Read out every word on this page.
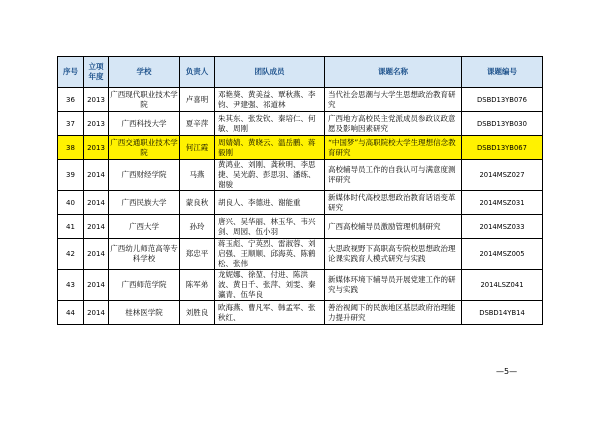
序号	立项年度	学校	负责人	团队成员	课题名称	课题编号
36	2013	广西现代职业技术学院	卢喜明	邓艳葵、黄美益、覃秋燕、李钧、尹建强、祁道林	当代社会思潮与大学生思想政治教育研究	DSBD13YB076
37	2013	广西科技大学	夏辛萍	朱其东、张发钦、秦培仁、何敏、周刚	广西地方高校民主党派成员参政议政意愿及影响因素研究	DSBD13YB030
38	2013	广西交通职业技术学院	何江霞	周婧婧、黄晓云、温岳鹏、蒋毅刚	“中国梦”与高职院校大学生理想信念教育研究	DSBD13YB067
39	2014	广西财经学院	马燕	黄鸿业、刘刚、龚秋明、李思捷、吴光蔚、彭思羽、潘练、谢骏	高校辅导员工作的自我认可与满意度测评研究	2014MSZ027
40	2014	广西民族大学	蒙良秋	胡良人、李德进、谢能重	新媒体时代高校思想政治教育话语变革研究	2014MSZ031
41	2014	广西大学	孙玲	唐兴、吴华丽、林玉华、韦兴剑、周园、伍小羽	广西高校辅导员激励管理机制研究	2014MSZ033
42	2014	广西幼儿师范高等专科学校	郑忠平	蒋玉彪、宁英烈、雷淑蓉、刘启强、王顺顺、邱海英、陈鹤松、张伟	大思政视野下高职高专院校思想政治理论课实践育人模式研究与实践	2014MSZ005
43	2014	广西师范学院	陈军弟	龙妮娜、徐堃、付进、陈洪波、黄日千、张萍、刘雯、秦瀛青、伍华良	新媒体环境下辅导员开展党建工作的研究与实践	2014LSZ041
44	2014	桂林医学院	刘胜良	欧海燕、曹凡军、韩孟军、张秋红、	善治视阈下的民族地区基层政府治理能力提升研究	DSBD14YB14
—5—
